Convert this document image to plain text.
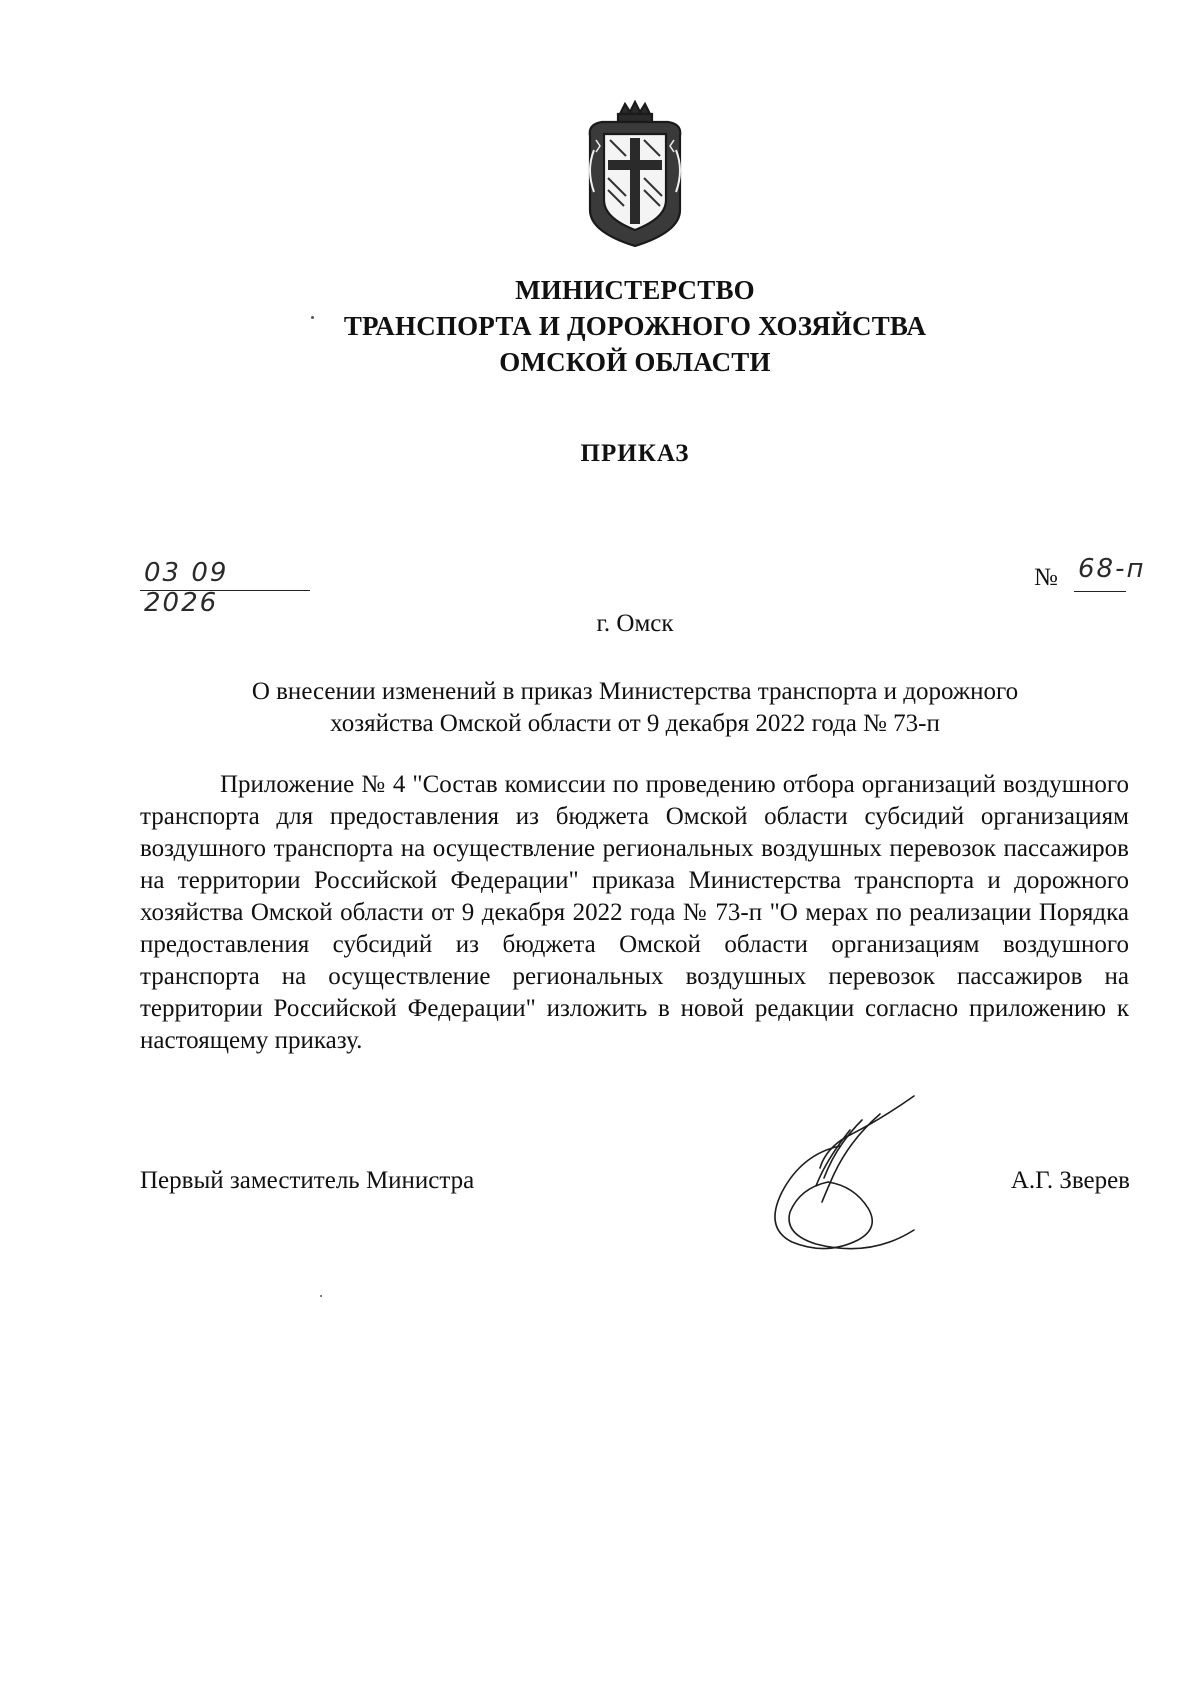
МИНИСТЕРСТВО
ТРАНСПОРТА И ДОРОЖНОГО ХОЗЯЙСТВА
ОМСКОЙ ОБЛАСТИ
ПРИКАЗ
03 09 2026
№ 68-п
г. Омск
О внесении изменений в приказ Министерства транспорта и дорожного
хозяйства Омской области от 9 декабря 2022 года № 73-п

Приложение № 4 "Состав комиссии по проведению отбора организаций воздушного транспорта для предоставления из бюджета Омской области субсидий организациям воздушного транспорта на осуществление региональных воздушных перевозок пассажиров на территории Российской Федерации" приказа Министерства транспорта и дорожного хозяйства Омской области от 9 декабря 2022 года № 73-п "О мерах по реализации Порядка предоставления субсидий из бюджета Омской области организациям воздушного транспорта на осуществление региональных воздушных перевозок пассажиров на территории Российской Федерации" изложить в новой редакции согласно приложению к настоящему приказу.

Первый заместитель Министра	А.Г. Зверев
